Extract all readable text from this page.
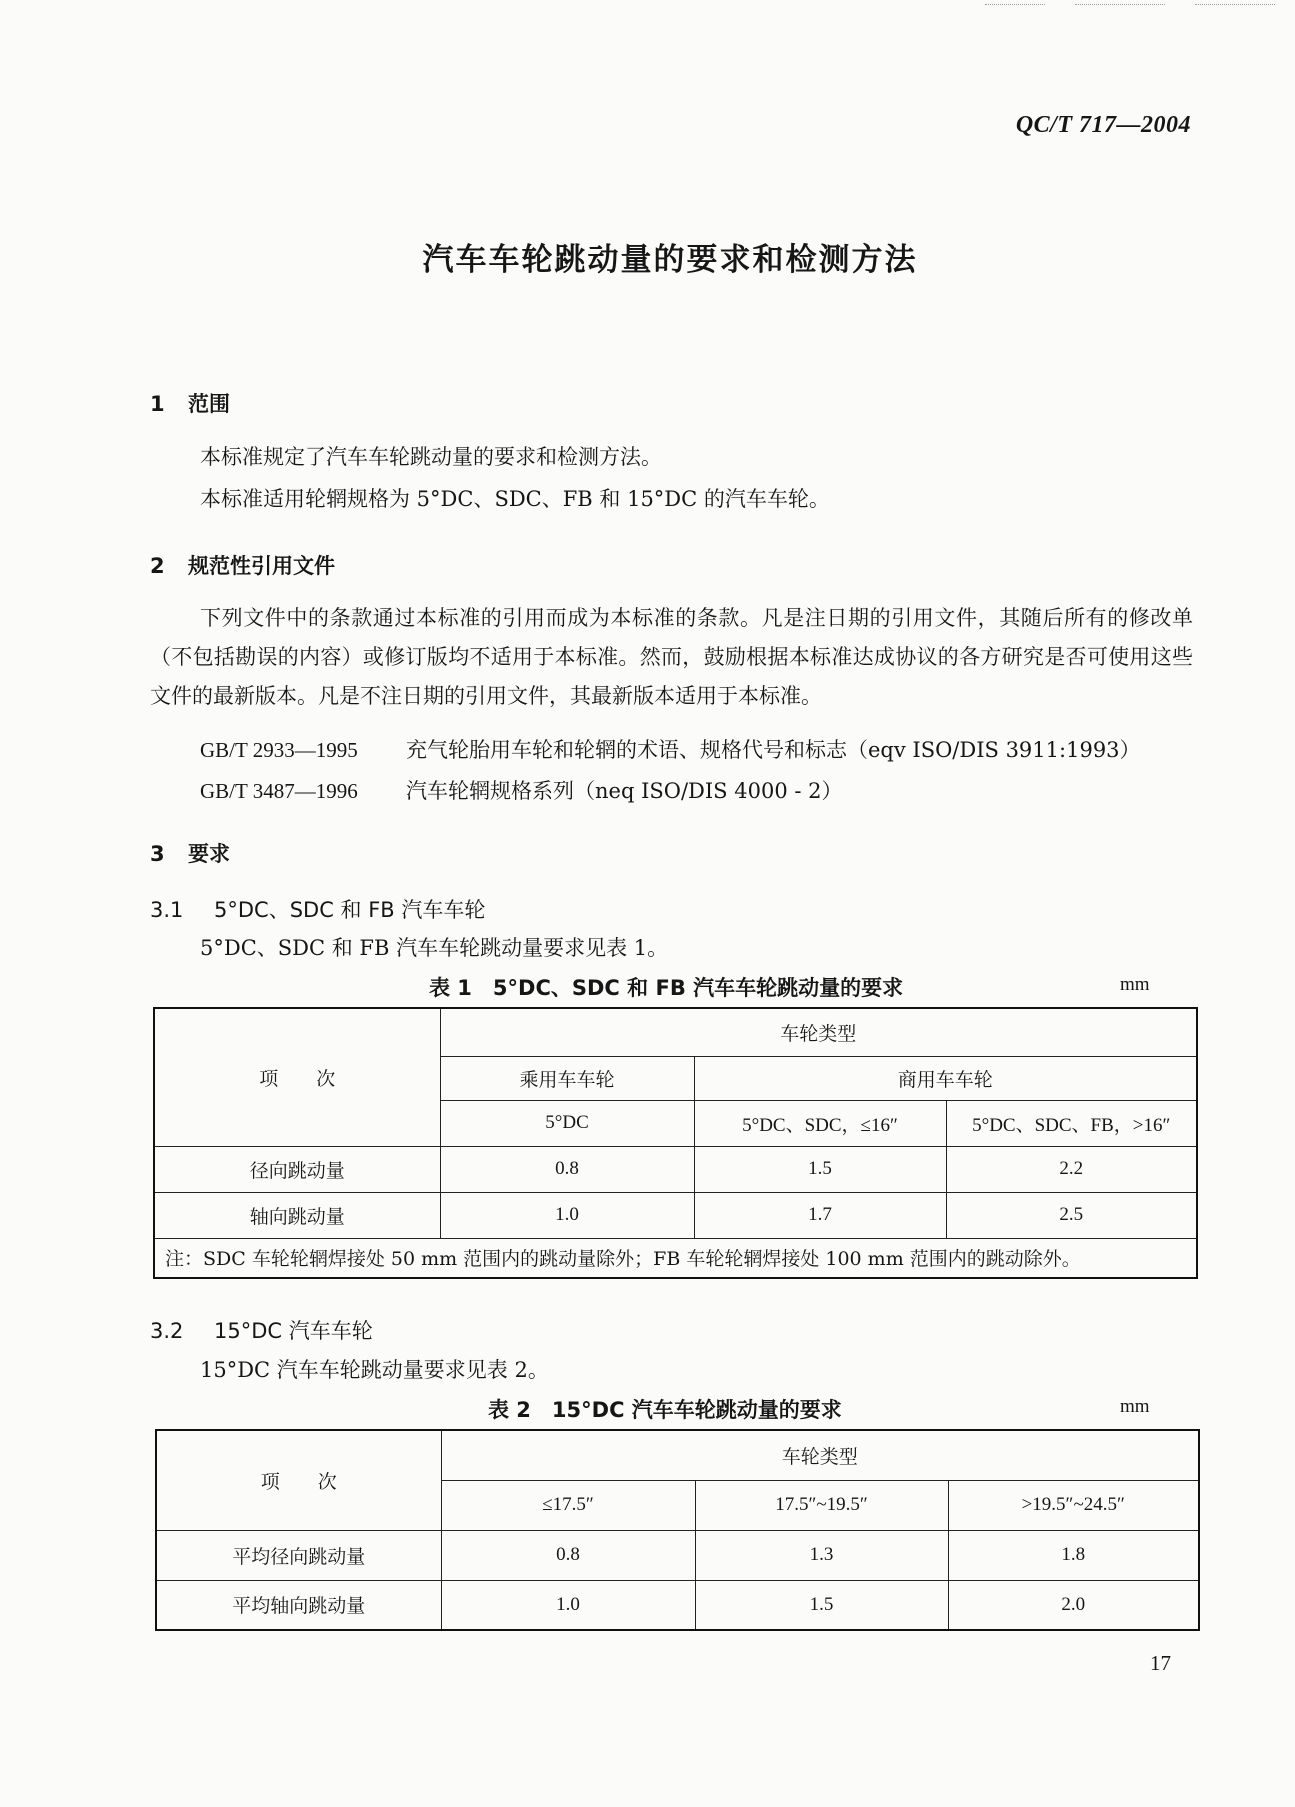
QC/T 717—2004
汽车车轮跳动量的要求和检测方法
1 范围
本标准规定了汽车车轮跳动量的要求和检测方法。
本标准适用轮辋规格为 5°DC、SDC、FB 和 15°DC 的汽车车轮。
2 规范性引用文件
下列文件中的条款通过本标准的引用而成为本标准的条款。凡是注日期的引用文件，其随后所有的修改单（不包括勘误的内容）或修订版均不适用于本标准。然而，鼓励根据本标准达成协议的各方研究是否可使用这些文件的最新版本。凡是不注日期的引用文件，其最新版本适用于本标准。
GB/T 2933—1995 充气轮胎用车轮和轮辋的术语、规格代号和标志（eqv ISO/DIS 3911:1993）
GB/T 3487—1996 汽车轮辋规格系列（neq ISO/DIS 4000 - 2）
3 要求
3.1 5°DC、SDC 和 FB 汽车车轮
5°DC、SDC 和 FB 汽车车轮跳动量要求见表 1。
表 1　5°DC、SDC 和 FB 汽车车轮跳动量的要求	mm
项　　次	车轮类型		
	乘用车车轮	商用车车轮	
	5°DC	5°DC、SDC，≤16″	5°DC、SDC、FB，>16″
径向跳动量	0.8	1.5	2.2
轴向跳动量	1.0	1.7	2.5
注：SDC 车轮轮辋焊接处 50 mm 范围内的跳动量除外；FB 车轮轮辋焊接处 100 mm 范围内的跳动除外。			
3.2 15°DC 汽车车轮
15°DC 汽车车轮跳动量要求见表 2。
表 2　15°DC 汽车车轮跳动量的要求	mm
项　　次	车轮类型		
	≤17.5″	17.5″~19.5″	>19.5″~24.5″
平均径向跳动量	0.8	1.3	1.8
平均轴向跳动量	1.0	1.5	2.0
17
